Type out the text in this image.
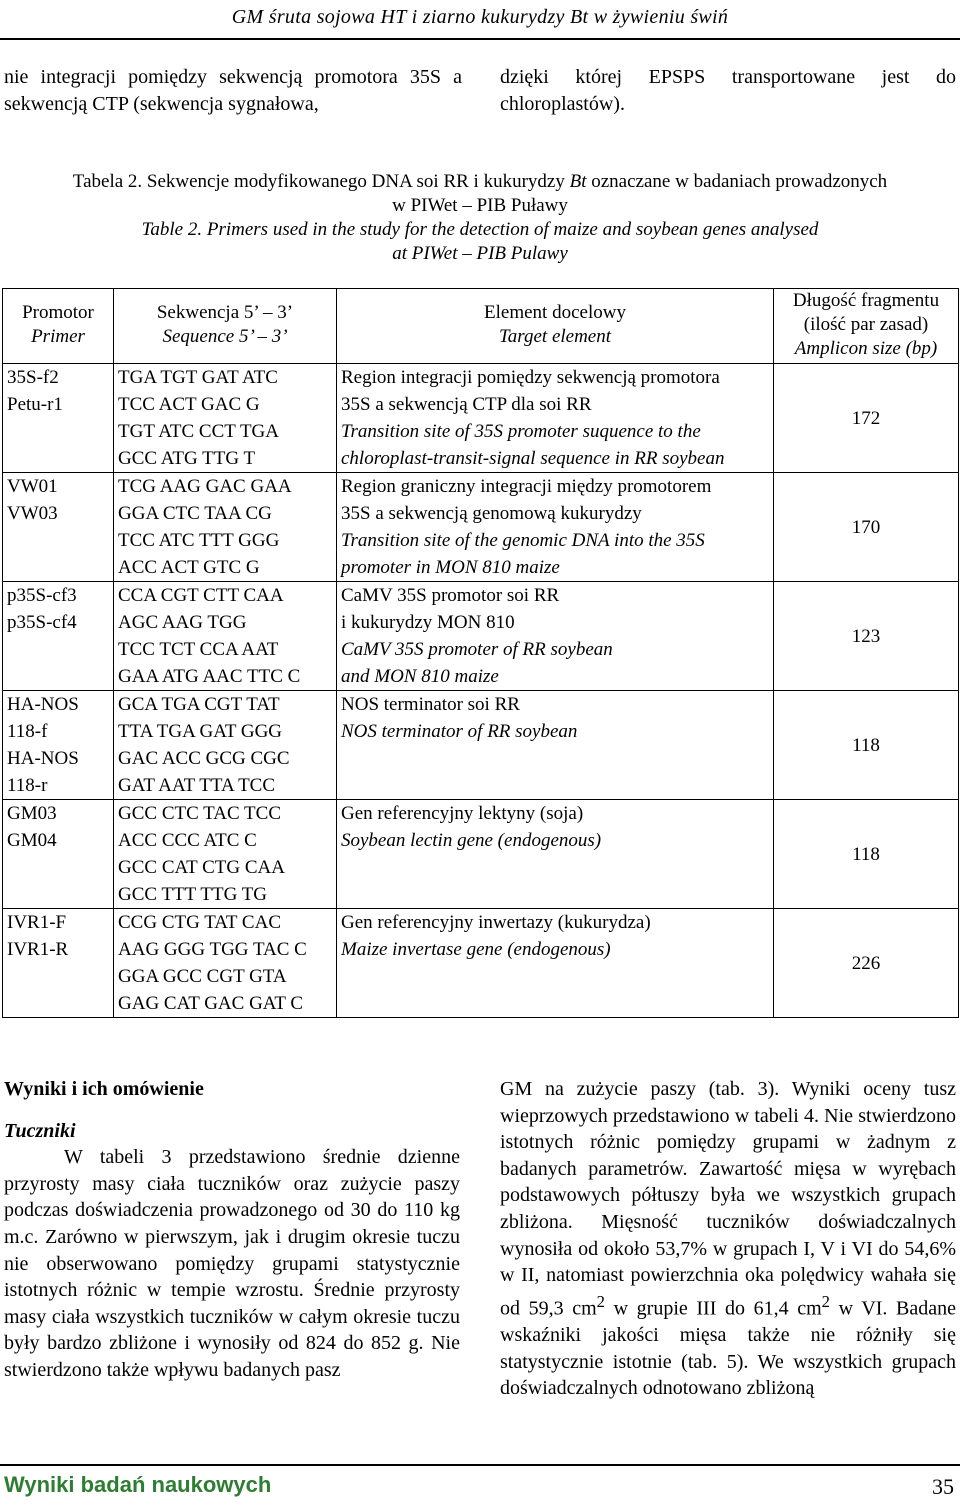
GM śruta sojowa HT i ziarno kukurydzy Bt w żywieniu świń

nie integracji pomiędzy sekwencją promotora 35S a sekwencją CTP (sekwencja sygnałowa,

dzięki której EPSPS transportowane jest do chloroplastów).

Tabela 2. Sekwencje modyfikowanego DNA soi RR i kukurydzy Bt oznaczane w badaniach prowadzonych
w PIWet – PIB Puławy
Table 2. Primers used in the study for the detection of maize and soybean genes analysed
at PIWet – PIB Pulawy
Promotor
Primer	Sekwencja 5’ – 3’
Sequence 5’ – 3’	Element docelowy
Target element	Długość fragmentu
(ilość par zasad)
Amplicon size (bp)

35S-f2
Petu-r1	TGA TGT GAT ATC
TCC ACT GAC G
TGT ATC CCT TGA
GCC ATG TTG T	Region integracji pomiędzy sekwencją promotora
35S a sekwencją CTP dla soi RR
Transition site of 35S promoter suquence to the
chloroplast-transit-signal sequence in RR soybean	172

VW01
VW03	TCG AAG GAC GAA
GGA CTC TAA CG
TCC ATC TTT GGG
ACC ACT GTC G	Region graniczny integracji między promotorem
35S a sekwencją genomową kukurydzy
Transition site of the genomic DNA into the 35S
promoter in MON 810 maize	170

p35S-cf3
p35S-cf4	CCA CGT CTT CAA
AGC AAG TGG
TCC TCT CCA AAT
GAA ATG AAC TTC C	CaMV 35S promotor soi RR
i kukurydzy MON 810
CaMV 35S promoter of RR soybean
and MON 810 maize	123

HA-NOS
118-f
HA-NOS
118-r	GCA TGA CGT TAT
TTA TGA GAT GGG
GAC ACC GCG CGC
GAT AAT TTA TCC	NOS terminator soi RR
NOS terminator of RR soybean	118

GM03
GM04	GCC CTC TAC TCC
ACC CCC ATC C
GCC CAT CTG CAA
GCC TTT TTG TG	Gen referencyjny lektyny (soja)
Soybean lectin gene (endogenous)	118

IVR1-F
IVR1-R	CCG CTG TAT CAC
AAG GGG TGG TAC C
GGA GCC CGT GTA
GAG CAT GAC GAT C	Gen referencyjny inwertazy (kukurydza)
Maize invertase gene (endogenous)	226
Wyniki i ich omówienie
Tuczniki

W tabeli 3 przedstawiono średnie dzienne przyrosty masy ciała tuczników oraz zużycie paszy podczas doświadczenia prowadzonego od 30 do 110 kg m.c. Zarówno w pierwszym, jak i drugim okresie tuczu nie obserwowano pomiędzy grupami statystycznie istotnych różnic w tempie wzrostu. Średnie przyrosty masy ciała wszystkich tuczników w całym okresie tuczu były bardzo zbliżone i wynosiły od 824 do 852 g. Nie stwierdzono także wpływu badanych pasz

GM na zużycie paszy (tab. 3). Wyniki oceny tusz wieprzowych przedstawiono w tabeli 4. Nie stwierdzono istotnych różnic pomiędzy grupami w żadnym z badanych parametrów. Zawartość mięsa w wyrębach podstawowych półtuszy była we wszystkich grupach zbliżona. Mięsność tuczników doświadczalnych wynosiła od około 53,7% w grupach I, V i VI do 54,6% w II, natomiast powierzchnia oka polędwicy wahała się od 59,3 $cm^2$ w grupie III do 61,4 $cm^2$ w VI. Badane wskaźniki jakości mięsa także nie różniły się statystycznie istotnie (tab. 5). We wszystkich grupach doświadczalnych odnotowano zbliżoną

Wyniki badań naukowych	35
